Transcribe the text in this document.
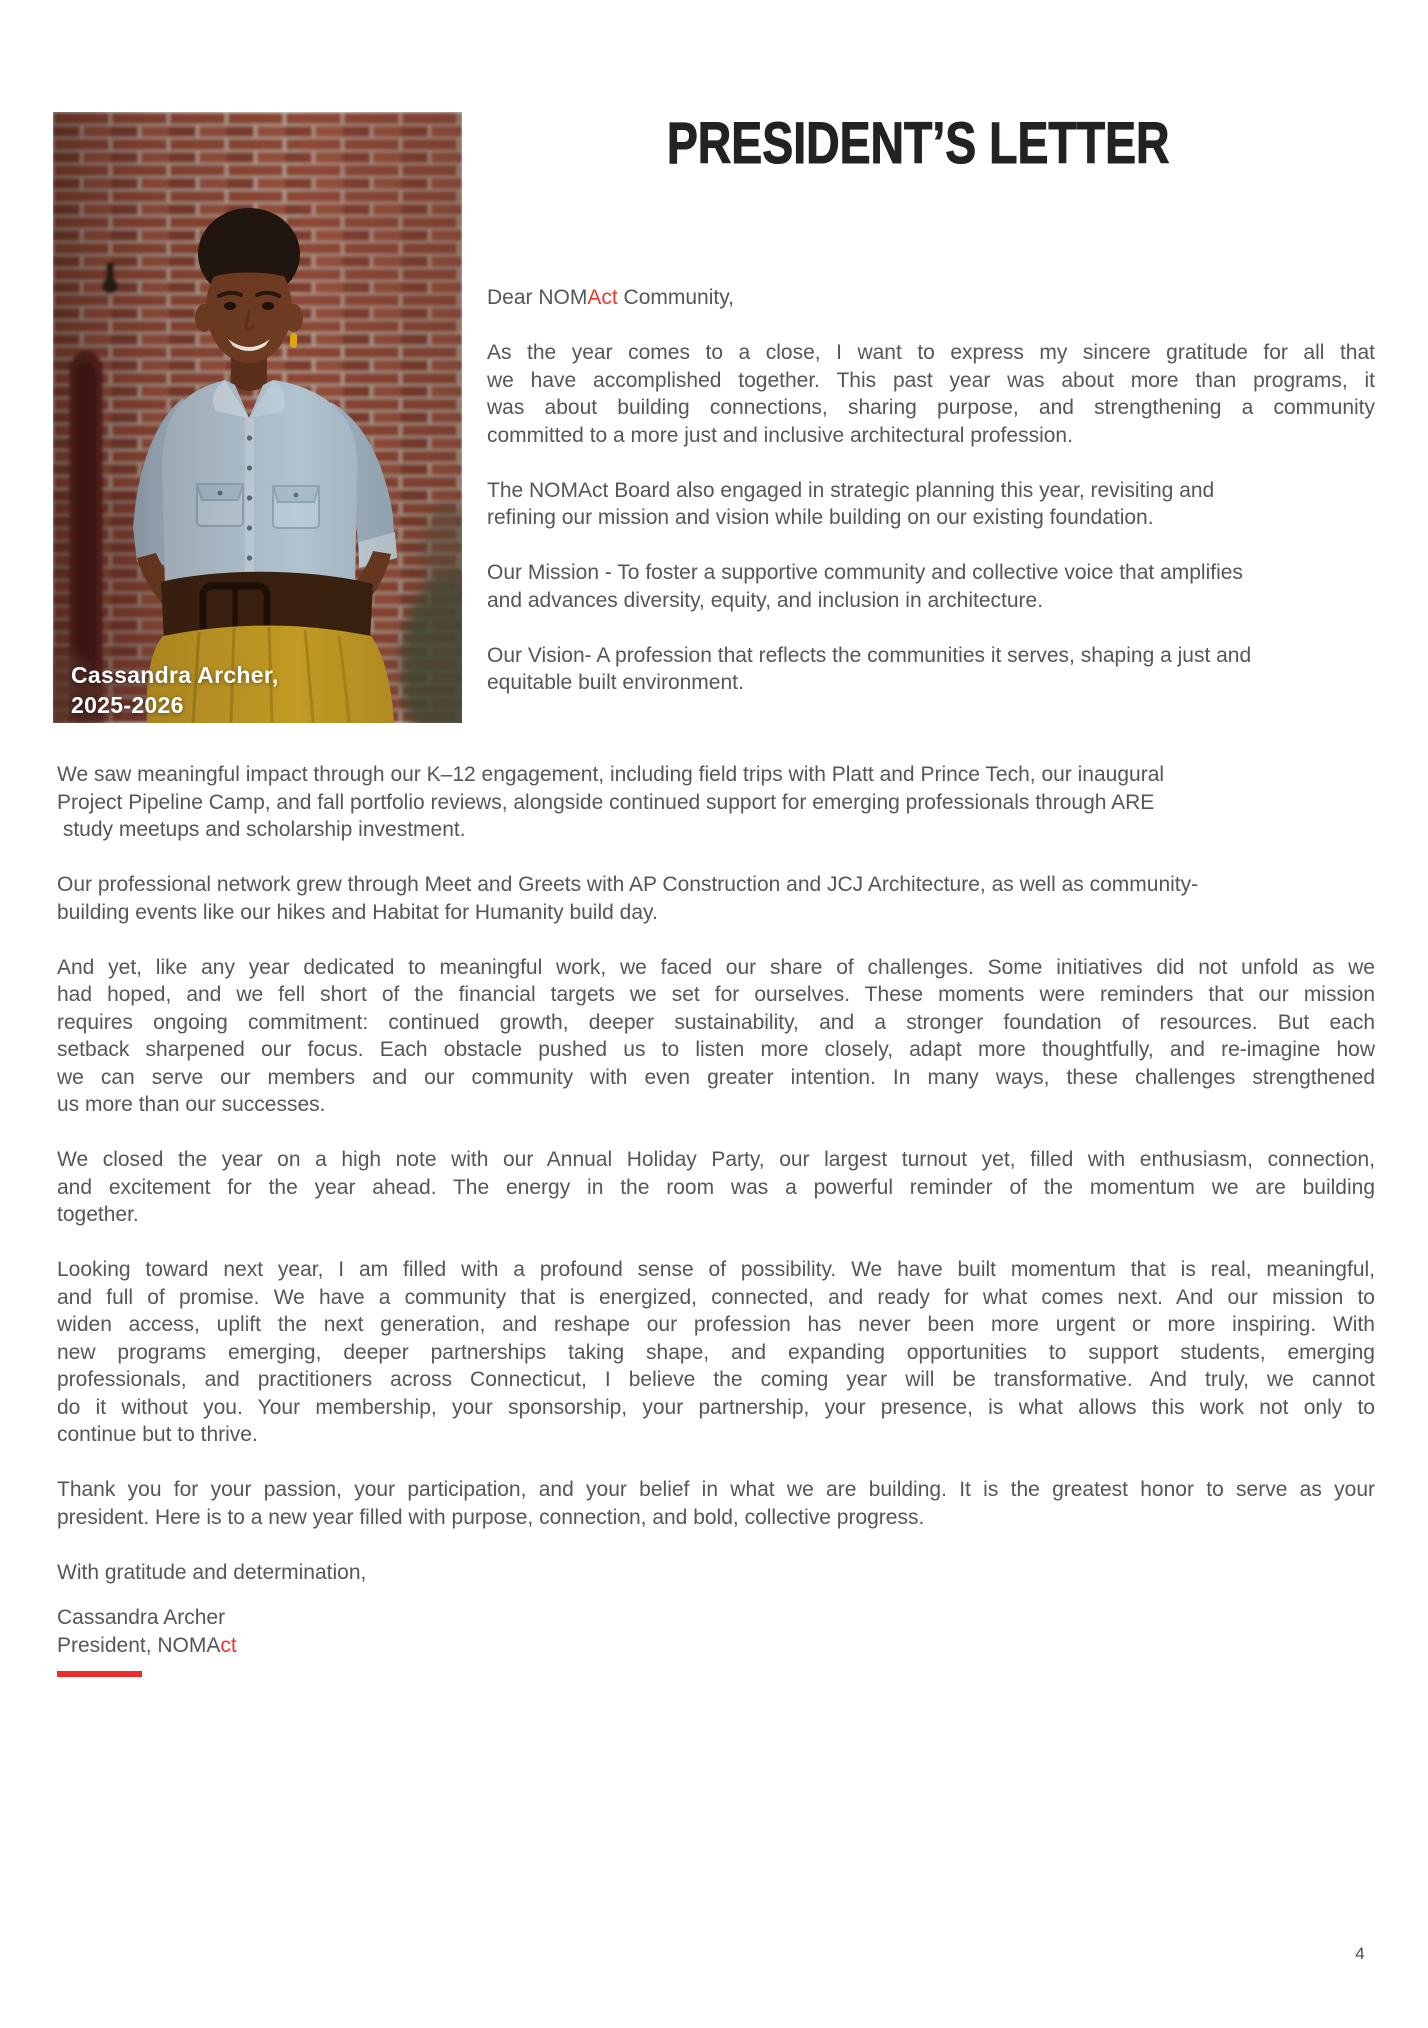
PRESIDENT’S LETTER
Cassandra Archer,
2025-2026
Dear NOMAct Community,
As the year comes to a close, I want to express my sincere gratitude for all that
we have accomplished together. This past year was about more than programs, it
was about building connections, sharing purpose, and strengthening a community
committed to a more just and inclusive architectural profession.
The NOMAct Board also engaged in strategic planning this year, revisiting and
refining our mission and vision while building on our existing foundation.
Our Mission - To foster a supportive community and collective voice that amplifies
and advances diversity, equity, and inclusion in architecture.
Our Vision- A profession that reflects the communities it serves, shaping a just and
equitable built environment.
We saw meaningful impact through our K–12 engagement, including field trips with Platt and Prince Tech, our inaugural
Project Pipeline Camp, and fall portfolio reviews, alongside continued support for emerging professionals through ARE
study meetups and scholarship investment.
Our professional network grew through Meet and Greets with AP Construction and JCJ Architecture, as well as community-
building events like our hikes and Habitat for Humanity build day.
And yet, like any year dedicated to meaningful work, we faced our share of challenges. Some initiatives did not unfold as we
had hoped, and we fell short of the financial targets we set for ourselves. These moments were reminders that our mission
requires ongoing commitment: continued growth, deeper sustainability, and a stronger foundation of resources. But each
setback sharpened our focus. Each obstacle pushed us to listen more closely, adapt more thoughtfully, and re-imagine how
we can serve our members and our community with even greater intention. In many ways, these challenges strengthened
us more than our successes.
We closed the year on a high note with our Annual Holiday Party, our largest turnout yet, filled with enthusiasm, connection,
and excitement for the year ahead. The energy in the room was a powerful reminder of the momentum we are building
together.
Looking toward next year, I am filled with a profound sense of possibility. We have built momentum that is real, meaningful,
and full of promise. We have a community that is energized, connected, and ready for what comes next. And our mission to
widen access, uplift the next generation, and reshape our profession has never been more urgent or more inspiring. With
new programs emerging, deeper partnerships taking shape, and expanding opportunities to support students, emerging
professionals, and practitioners across Connecticut, I believe the coming year will be transformative. And truly, we cannot
do it without you. Your membership, your sponsorship, your partnership, your presence, is what allows this work not only to
continue but to thrive.
Thank you for your passion, your participation, and your belief in what we are building. It is the greatest honor to serve as your
president. Here is to a new year filled with purpose, connection, and bold, collective progress.
With gratitude and determination,
Cassandra Archer
President, NOMAct
4
